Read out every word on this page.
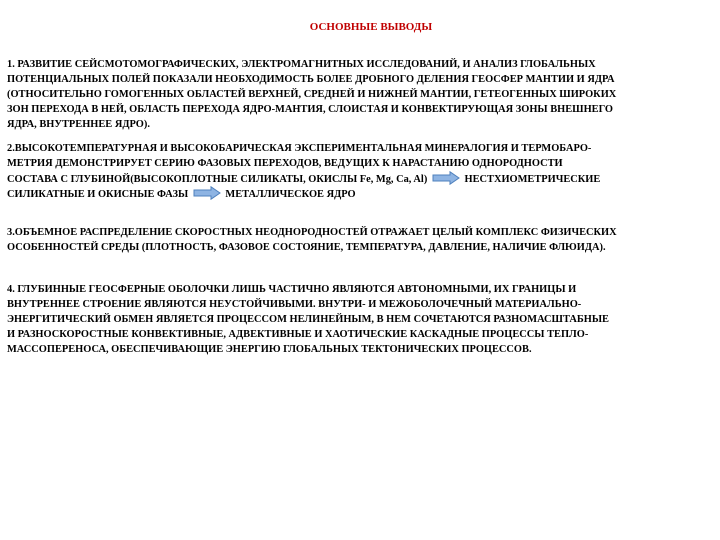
ОСНОВНЫЕ ВЫВОДЫ
1. РАЗВИТИЕ СЕЙСМОТОМОГРАФИЧЕСКИХ, ЭЛЕКТРОМАГНИТНЫХ ИССЛЕДОВАНИЙ, И АНАЛИЗ ГЛОБАЛЬНЫХ
ПОТЕНЦИАЛЬНЫХ ПОЛЕЙ ПОКАЗАЛИ НЕОБХОДИМОСТЬ БОЛЕЕ ДРОБНОГО ДЕЛЕНИЯ ГЕОСФЕР МАНТИИ И ЯДРА
(ОТНОСИТЕЛЬНО ГОМОГЕННЫХ ОБЛАСТЕЙ ВЕРХНЕЙ, СРЕДНЕЙ И НИЖНЕЙ МАНТИИ, ГЕТЕОГЕННЫХ ШИРОКИХ
ЗОН ПЕРЕХОДА В НЕЙ, ОБЛАСТЬ ПЕРЕХОДА ЯДРО-МАНТИЯ, СЛОИСТАЯ И КОНВЕКТИРУЮЩАЯ ЗОНЫ ВНЕШНЕГО
ЯДРА, ВНУТРЕННЕЕ ЯДРО).
2.ВЫСОКОТЕМПЕРАТУРНАЯ И ВЫСОКОБАРИЧЕСКАЯ ЭКСПЕРИМЕНТАЛЬНАЯ МИНЕРАЛОГИЯ И ТЕРМОБАРО-
МЕТРИЯ ДЕМОНСТРИРУЕТ СЕРИЮ ФАЗОВЫХ ПЕРЕХОДОВ, ВЕДУЩИХ К НАРАСТАНИЮ ОДНОРОДНОСТИ
СОСТАВА С ГЛУБИНОЙ(ВЫСОКОПЛОТНЫЕ СИЛИКАТЫ, ОКИСЛЫ Fe, Mg, Ca, Al)	НЕСТХИОМЕТРИЧЕСКИЕ
СИЛИКАТНЫЕ И ОКИСНЫЕ ФАЗЫ	МЕТАЛЛИЧЕСКОЕ ЯДРО
3.ОБЪЕМНОЕ РАСПРЕДЕЛЕНИЕ СКОРОСТНЫХ НЕОДНОРОДНОСТЕЙ ОТРАЖАЕТ ЦЕЛЫЙ КОМПЛЕКС ФИЗИЧЕСКИХ
ОСОБЕННОСТЕЙ СРЕДЫ (ПЛОТНОСТЬ, ФАЗОВОЕ СОСТОЯНИЕ, ТЕМПЕРАТУРА, ДАВЛЕНИЕ, НАЛИЧИЕ ФЛЮИДА).
4. ГЛУБИННЫЕ ГЕОСФЕРНЫЕ ОБОЛОЧКИ ЛИШЬ ЧАСТИЧНО ЯВЛЯЮТСЯ АВТОНОМНЫМИ, ИХ ГРАНИЦЫ И
ВНУТРЕННЕЕ СТРОЕНИЕ ЯВЛЯЮТСЯ НЕУСТОЙЧИВЫМИ. ВНУТРИ- И МЕЖОБОЛОЧЕЧНЫЙ МАТЕРИАЛЬНО-
ЭНЕРГИТИЧЕСКИЙ ОБМЕН ЯВЛЯЕТСЯ ПРОЦЕССОМ НЕЛИНЕЙНЫМ, В НЕМ СОЧЕТАЮТСЯ РАЗНОМАСШТАБНЫЕ
И РАЗНОСКОРОСТНЫЕ КОНВЕКТИВНЫЕ, АДВЕКТИВНЫЕ И ХАОТИЧЕСКИЕ КАСКАДНЫЕ ПРОЦЕССЫ ТЕПЛО-
МАССОПЕРЕНОСА, ОБЕСПЕЧИВАЮЩИЕ ЭНЕРГИЮ ГЛОБАЛЬНЫХ ТЕКТОНИЧЕСКИХ ПРОЦЕССОВ.
